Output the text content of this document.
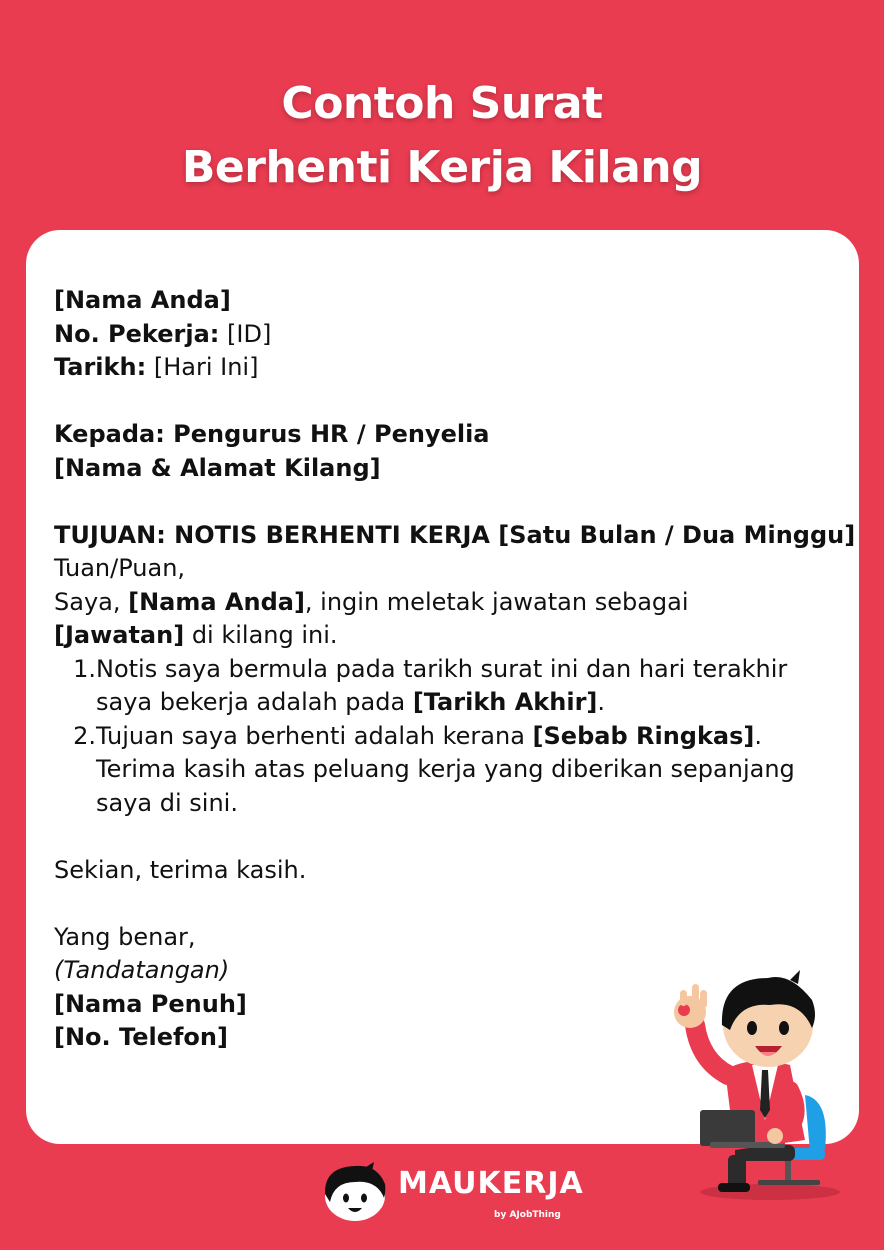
Contoh Surat
Berhenti Kerja Kilang
[Nama Anda]
No. Pekerja: [ID]
Tarikh: [Hari Ini]
Kepada: Pengurus HR / Penyelia
[Nama & Alamat Kilang]
TUJUAN: NOTIS BERHENTI KERJA [Satu Bulan / Dua Minggu]
Tuan/Puan,
Saya, [Nama Anda], ingin meletak jawatan sebagai
[Jawatan] di kilang ini.
1. Notis saya bermula pada tarikh surat ini dan hari terakhir
saya bekerja adalah pada [Tarikh Akhir].
2. Tujuan saya berhenti adalah kerana [Sebab Ringkas].
Terima kasih atas peluang kerja yang diberikan sepanjang
saya di sini.
Sekian, terima kasih.
Yang benar,
(Tandatangan)
[Nama Penuh]
[No. Telefon]
MAUKERJA
by AJobThing
